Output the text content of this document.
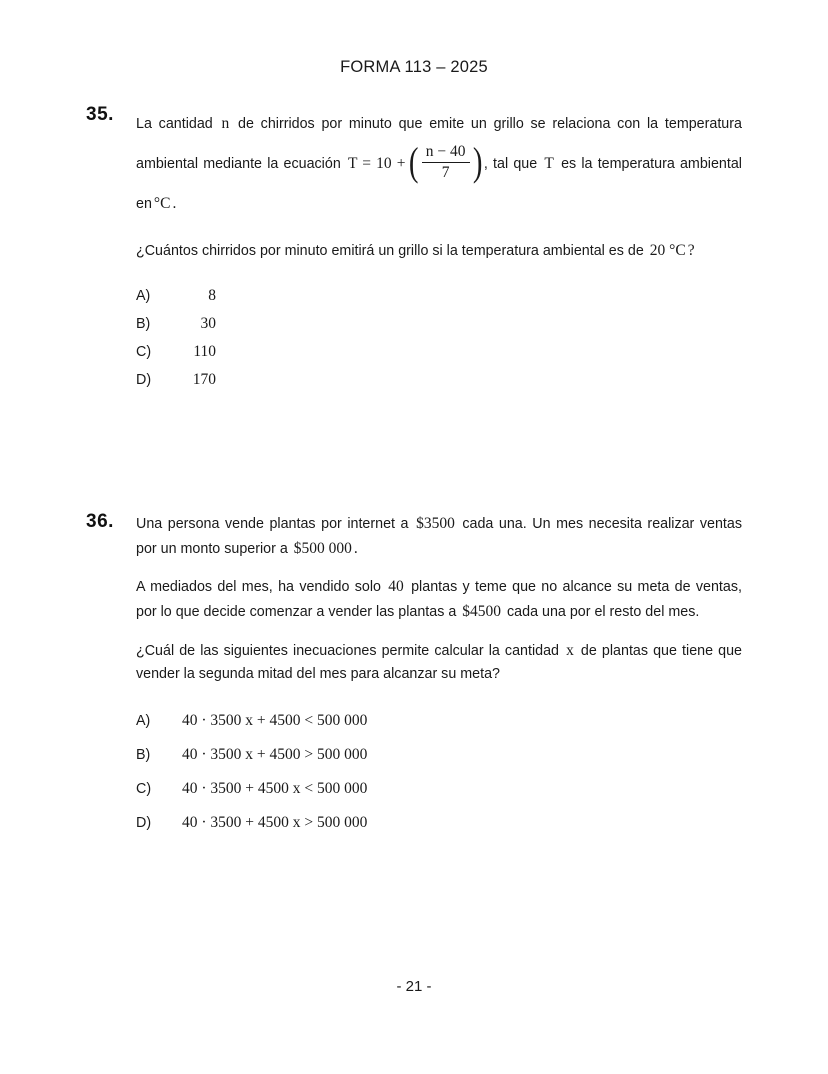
FORMA 113 – 2025
35.	La cantidad n de chirridos por minuto que emite un grillo se relaciona con la temperatura ambiental mediante la ecuación T = 10 + ( $\frac{n - 40}{7}$ ) , tal que T es la temperatura ambiental en °C .

¿Cuántos chirridos por minuto emitirá un grillo si la temperatura ambiental es de 20 °C ?

A)	8
B)	30
C)	110
D)	170
36.	Una persona vende plantas por internet a $3500 cada una. Un mes necesita realizar ventas por un monto superior a $500 000 .

A mediados del mes, ha vendido solo 40 plantas y teme que no alcance su meta de ventas, por lo que decide comenzar a vender las plantas a $4500 cada una por el resto del mes.

¿Cuál de las siguientes inecuaciones permite calcular la cantidad x de plantas que tiene que vender la segunda mitad del mes para alcanzar su meta?

A)	40 · 3500 x + 4500 < 500 000
B)	40 · 3500 x + 4500 > 500 000
C)	40 · 3500 + 4500 x < 500 000
D)	40 · 3500 + 4500 x > 500 000
- 21 -
